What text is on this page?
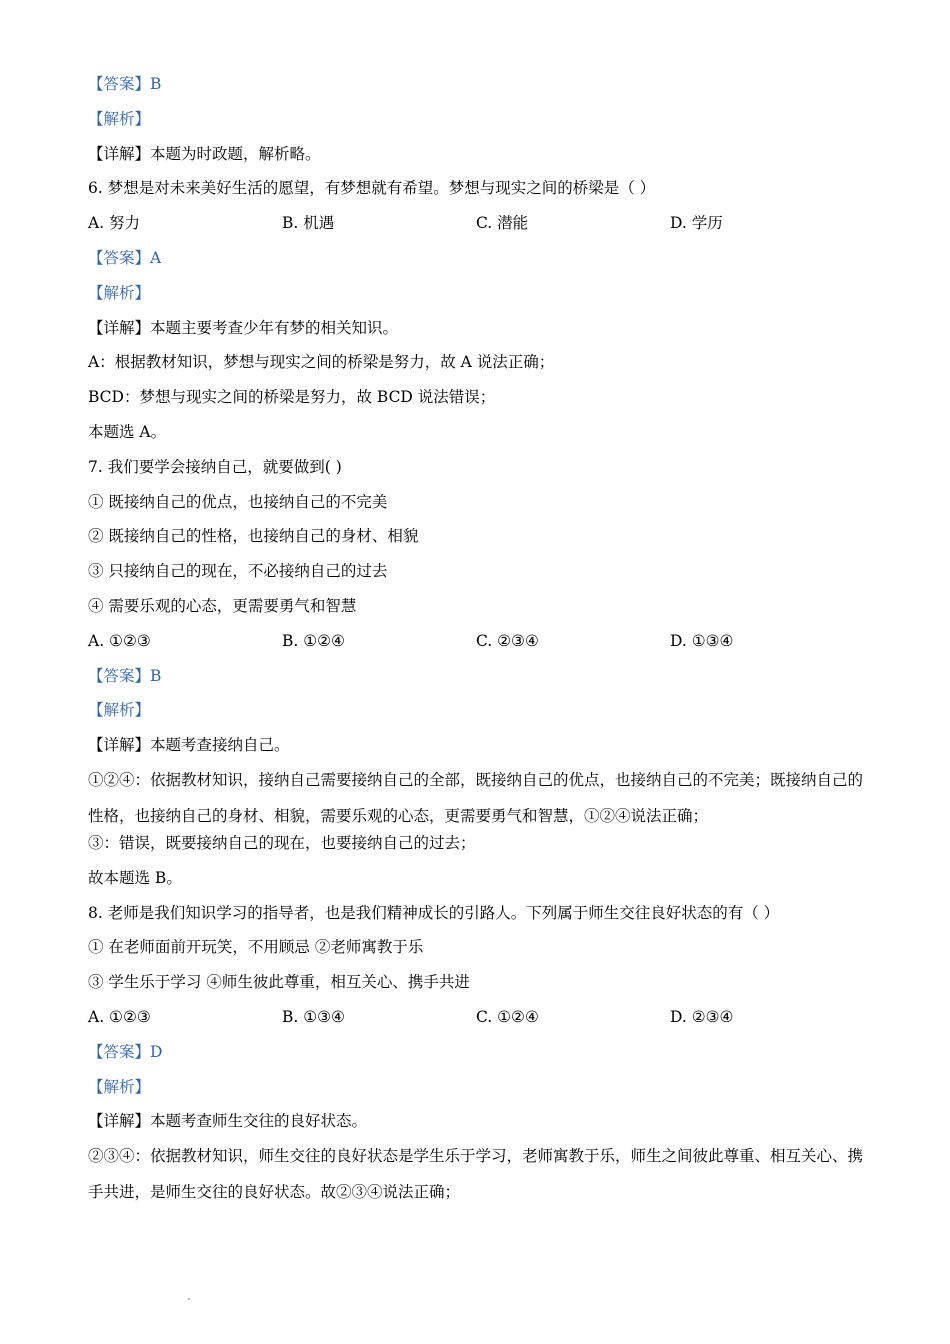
【答案】B
【解析】
【详解】本题为时政题，解析略。
6. 梦想是对未来美好生活的愿望，有梦想就有希望。梦想与现实之间的桥梁是（ ）
A. 努力	B. 机遇	C. 潜能	D. 学历
【答案】A
【解析】
【详解】本题主要考查少年有梦的相关知识。
A：根据教材知识，梦想与现实之间的桥梁是努力，故 A 说法正确；
BCD：梦想与现实之间的桥梁是努力，故 BCD 说法错误；
本题选 A。
7. 我们要学会接纳自己，就要做到( )
① 既接纳自己的优点，也接纳自己的不完美
② 既接纳自己的性格，也接纳自己的身材、相貌
③ 只接纳自己的现在，不必接纳自己的过去
④ 需要乐观的心态，更需要勇气和智慧
A. ①②③	B. ①②④	C. ②③④	D. ①③④
【答案】B
【解析】
【详解】本题考查接纳自己。
①②④：依据教材知识，接纳自己需要接纳自己的全部，既接纳自己的优点，也接纳自己的不完美；既接纳自己的性格，也接纳自己的身材、相貌，需要乐观的心态，更需要勇气和智慧，①②④说法正确；
③：错误，既要接纳自己的现在，也要接纳自己的过去；
故本题选 B。
8. 老师是我们知识学习的指导者，也是我们精神成长的引路人。下列属于师生交往良好状态的有（ ）
① 在老师面前开玩笑，不用顾忌 ②老师寓教于乐
③ 学生乐于学习 ④师生彼此尊重，相互关心、携手共进
A. ①②③	B. ①③④	C. ①②④	D. ②③④
【答案】D
【解析】
【详解】本题考查师生交往的良好状态。
②③④：依据教材知识，师生交往的良好状态是学生乐于学习，老师寓教于乐，师生之间彼此尊重、相互关心、携手共进，是师生交往的良好状态。故②③④说法正确；
